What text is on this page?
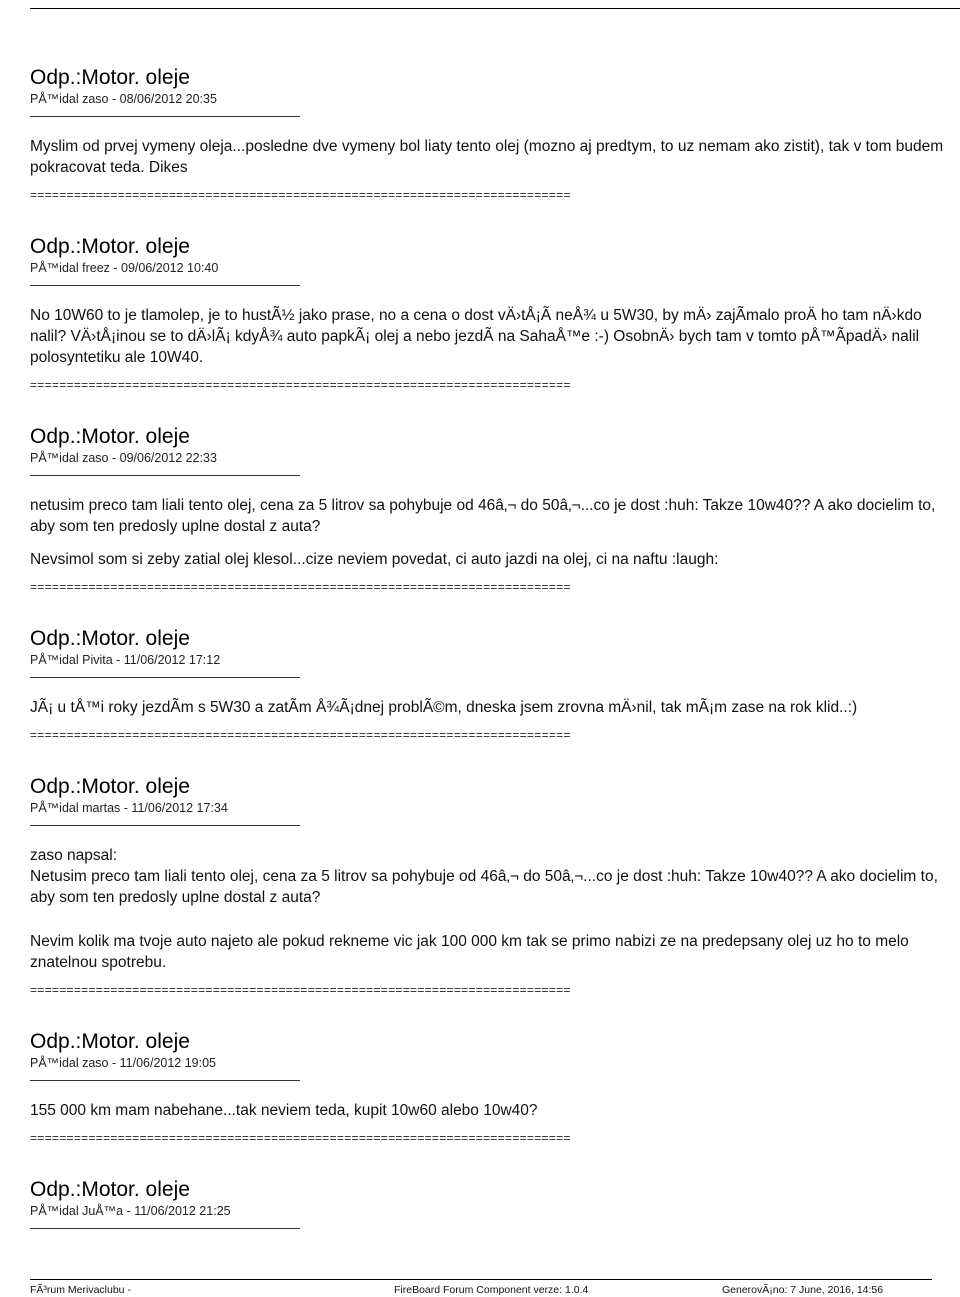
Odp.:Motor. oleje
PÅ™idal zaso - 08/06/2012 20:35
Myslim od prvej vymeny oleja...posledne dve vymeny bol liaty tento olej (mozno aj predtym, to uz nemam ako zistit), tak v tom budem pokracovat teda. Dikes
==========================================================================
Odp.:Motor. oleje
PÅ™idal freez - 09/06/2012 10:40
No 10W60 to je tlamolep, je to hustÃ½ jako prase, no a cena o dost vÄ›tÅ¡Ã neÅ¾ u 5W30, by mÄ› zajÃmalo proÄ ho tam nÄ›kdo
nalil? VÄ›tÅ¡inou se to dÄ›lÃ¡ kdyÅ¾ auto papkÃ¡ olej a nebo jezdÃ na SahaÅ™e :-) OsobnÄ› bych tam v tomto pÅ™ÃpadÄ› nalil
polosyntetiku ale 10W40.
==========================================================================
Odp.:Motor. oleje
PÅ™idal zaso - 09/06/2012 22:33
netusim preco tam liali tento olej, cena za 5 litrov sa pohybuje od 46â‚¬ do 50â‚¬...co je dost :huh: Takze 10w40?? A ako docielim to, aby som ten predosly uplne dostal z auta?
Nevsimol som si zeby zatial olej klesol...cize neviem povedat, ci auto jazdi na olej, ci na naftu :laugh:
==========================================================================
Odp.:Motor. oleje
PÅ™idal Pivita - 11/06/2012 17:12
JÃ¡ u tÅ™i roky jezdÃm s 5W30 a zatÃm Å¾Ã¡dnej problÃ©m, dneska jsem zrovna mÄ›nil, tak mÃ¡m zase na rok klid..:)
==========================================================================
Odp.:Motor. oleje
PÅ™idal martas - 11/06/2012 17:34
zaso napsal:
Netusim preco tam liali tento olej, cena za 5 litrov sa pohybuje od 46â‚¬ do 50â‚¬...co je dost :huh: Takze 10w40?? A ako docielim to, aby som ten predosly uplne dostal z auta?
Nevim kolik ma tvoje auto najeto ale pokud rekneme vic jak 100 000 km tak se primo nabizi ze na predepsany olej uz ho to melo znatelnou spotrebu.
==========================================================================
Odp.:Motor. oleje
PÅ™idal zaso - 11/06/2012 19:05
155 000 km mam nabehane...tak neviem teda, kupit 10w60 alebo 10w40?
==========================================================================
Odp.:Motor. oleje
PÅ™idal JuÅ™a - 11/06/2012 21:25
FÃ³rum Merivaclubu -	FireBoard Forum Component verze: 1.0.4	GenerovÃ¡no: 7 June, 2016, 14:56
